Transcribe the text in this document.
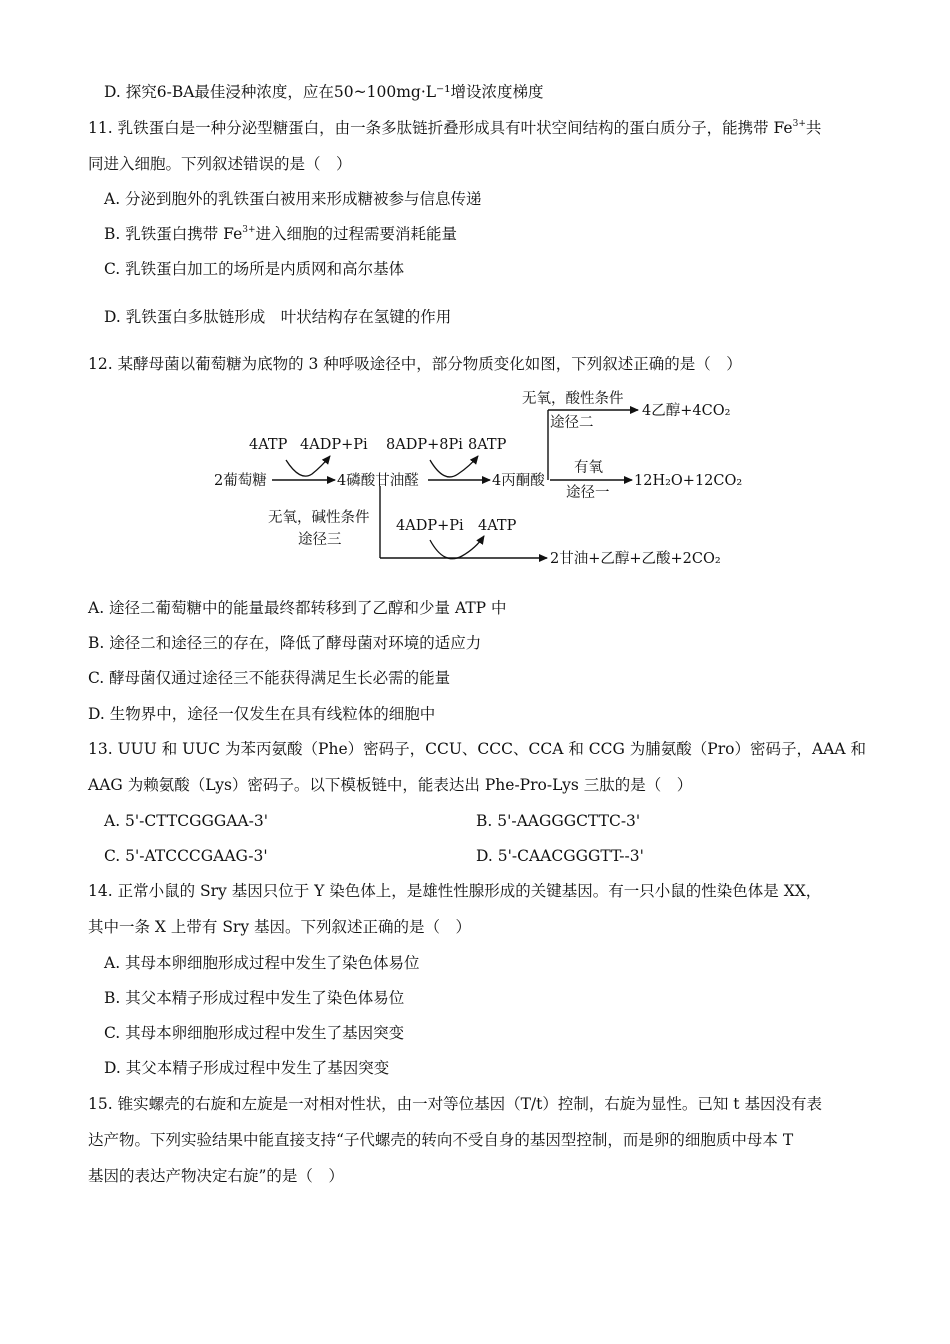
D. 探究6-BA最佳浸种浓度，应在50~100mg·L⁻¹增设浓度梯度
11. 乳铁蛋白是一种分泌型糖蛋白，由一条多肽链折叠形成具有叶状空间结构的蛋白质分子，能携带 $Fe^{3+}$共
同进入细胞。下列叙述错误的是（　）
A. 分泌到胞外的乳铁蛋白被用来形成糖被参与信息传递
B. 乳铁蛋白携带 $Fe^{3+}$进入细胞的过程需要消耗能量
C. 乳铁蛋白加工的场所是内质网和高尔基体
D. 乳铁蛋白多肽链形成　叶状结构存在氢键的作用
12. 某酵母菌以葡萄糖为底物的 3 种呼吸途径中，部分物质变化如图，下列叙述正确的是（　）
2葡萄糖	4磷酸甘油醛	4丙酮酸
4ATP 4ADP+Pi 8ADP+8Pi 8ATP
无氧，酸性条件
途径二
4乙醇+4CO₂
有氧
途径一
12H₂O+12CO₂
无氧，碱性条件
途径三
4ADP+Pi 4ATP
2甘油+乙醇+乙酸+2CO₂
A. 途径二葡萄糖中的能量最终都转移到了乙醇和少量 ATP 中
B. 途径二和途径三的存在，降低了酵母菌对环境的适应力
C. 酵母菌仅通过途径三不能获得满足生长必需的能量
D. 生物界中，途径一仅发生在具有线粒体的细胞中
13. UUU 和 UUC 为苯丙氨酸（Phe）密码子，CCU、CCC、CCA 和 CCG 为脯氨酸（Pro）密码子，AAA 和
AAG 为赖氨酸（Lys）密码子。以下模板链中，能表达出 Phe-Pro-Lys 三肽的是（　）
A. 5'-CTTCGGGAA-3'	B. 5'-AAGGGCTTC-3'
C. 5'-ATCCCGAAG-3'	D. 5'-CAACGGGTT--3'
14. 正常小鼠的 Sry 基因只位于 Y 染色体上，是雄性性腺形成的关键基因。有一只小鼠的性染色体是 XX，
其中一条 X 上带有 Sry 基因。下列叙述正确的是（　）
A. 其母本卵细胞形成过程中发生了染色体易位
B. 其父本精子形成过程中发生了染色体易位
C. 其母本卵细胞形成过程中发生了基因突变
D. 其父本精子形成过程中发生了基因突变
15. 锥实螺壳的右旋和左旋是一对相对性状，由一对等位基因（T/t）控制，右旋为显性。已知 t 基因没有表
达产物。下列实验结果中能直接支持“子代螺壳的转向不受自身的基因型控制，而是卵的细胞质中母本 T
基因的表达产物决定右旋”的是（　）
